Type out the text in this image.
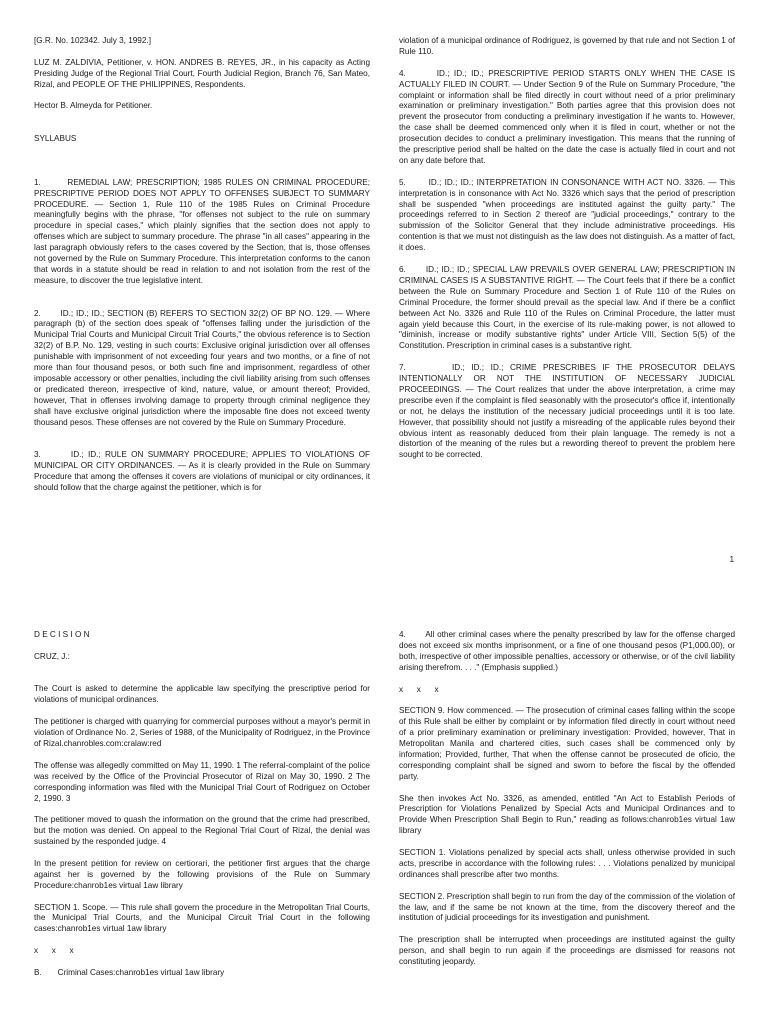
[G.R. No. 102342. July 3, 1992.]

LUZ M. ZALDIVIA, Petitioner, v. HON. ANDRES B. REYES, JR., in his capacity as Acting Presiding Judge of the Regional Trial Court, Fourth Judicial Region, Branch 76, San Mateo, Rizal, and PEOPLE OF THE PHILIPPINES, Respondents.

Hector B. Almeyda for Petitioner.

SYLLABUS

1.       REMEDIAL LAW; PRESCRIPTION; 1985 RULES ON CRIMINAL PROCEDURE; PRESCRIPTIVE PERIOD DOES NOT APPLY TO OFFENSES SUBJECT TO SUMMARY PROCEDURE. — Section 1, Rule 110 of the 1985 Rules on Criminal Procedure meaningfully begins with the phrase, "for offenses not subject to the rule on summary procedure in special cases," which plainly signifies that the section does not apply to offenses which are subject to summary procedure. The phrase "in all cases" appearing in the last paragraph obviously refers to the cases covered by the Section, that is, those offenses not governed by the Rule on Summary Procedure. This interpretation conforms to the canon that words in a statute should be read in relation to and not isolation from the rest of the measure, to discover the true legislative intent.

2.       ID.; ID.; ID.; SECTION (B) REFERS TO SECTION 32(2) OF BP NO. 129. — Where paragraph (b) of the section does speak of "offenses falling under the jurisdiction of the Municipal Trial Courts and Municipal Circuit Trial Courts," the obvious reference is to Section 32(2) of B.P. No. 129, vesting in such courts: Exclusive original jurisdiction over all offenses punishable with imprisonment of not exceeding four years and two months, or a fine of not more than four thousand pesos, or both such fine and imprisonment, regardless of other imposable accessory or other penalties, including the civil liability arising from such offenses or predicated thereon, irrespective of kind, nature, value, or amount thereof; Provided, however, That in offenses involving damage to property through criminal negligence they shall have exclusive original jurisdiction where the imposable fine does not exceed twenty thousand pesos. These offenses are not covered by the Rule on Summary Procedure.

3.       ID.; ID.; RULE ON SUMMARY PROCEDURE; APPLIES TO VIOLATIONS OF MUNICIPAL OR CITY ORDINANCES. — As it is clearly provided in the Rule on Summary Procedure that among the offenses it covers are violations of municipal or city ordinances, it should follow that the charge against the petitioner, which is for

violation of a municipal ordinance of Rodriguez, is governed by that rule and not Section 1 of Rule 110.

4.       ID.; ID.; ID.; PRESCRIPTIVE PERIOD STARTS ONLY WHEN THE CASE IS ACTUALLY FILED IN COURT. — Under Section 9 of the Rule on Summary Procedure, "the complaint or information shall be filed directly in court without need of a prior preliminary examination or preliminary investigation." Both parties agree that this provision does not prevent the prosecutor from conducting a preliminary investigation if he wants to. However, the case shall be deemed commenced only when it is filed in court, whether or not the prosecution decides to conduct a preliminary investigation. This means that the running of the prescriptive period shall be halted on the date the case is actually filed in court and not on any date before that.

5.       ID.; ID.; ID.; INTERPRETATION IN CONSONANCE WITH ACT NO. 3326. — This interpretation is in consonance with Act No. 3326 which says that the period of prescription shall be suspended "when proceedings are instituted against the guilty party." The proceedings referred to in Section 2 thereof are "judicial proceedings," contrary to the submission of the Solicitor General that they include administrative proceedings. His contention is that we must not distinguish as the law does not distinguish. As a matter of fact, it does.

6.       ID.; ID.; ID.; SPECIAL LAW PREVAILS OVER GENERAL LAW; PRESCRIPTION IN CRIMINAL CASES IS A SUBSTANTIVE RIGHT. — The Court feels that if there be a conflict between the Rule on Summary Procedure and Section 1 of Rule 110 of the Rules on Criminal Procedure, the former should prevail as the special law. And if there be a conflict between Act No. 3326 and Rule 110 of the Rules on Criminal Procedure, the latter must again yield because this Court, in the exercise of its rule-making power, is not allowed to "diminish, increase or modify substantive rights" under Article VIII, Section 5(5) of the Constitution. Prescription in criminal cases is a substantive right.

7.       ID.; ID.; ID.; CRIME PRESCRIBES IF THE PROSECUTOR DELAYS INTENTIONALLY OR NOT THE INSTITUTION OF NECESSARY JUDICIAL PROCEEDINGS. — The Court realizes that under the above interpretation, a crime may prescribe even if the complaint is filed seasonably with the prosecutor's office if, intentionally or not, he delays the institution of the necessary judicial proceedings until it is too late. However, that possibility should not justify a misreading of the applicable rules beyond their obvious intent as reasonably deduced from their plain language. The remedy is not a distortion of the meaning of the rules but a rewording thereof to prevent the problem here sought to be corrected.

1

D E C I S I O N

CRUZ, J.:

The Court is asked to determine the applicable law specifying the prescriptive period for violations of municipal ordinances.

The petitioner is charged with quarrying for commercial purposes without a mayor's permit in violation of Ordinance No. 2, Series of 1988, of the Municipality of Rodriguez, in the Province of Rizal.chanrobles.com:cralaw:red

The offense was allegedly committed on May 11, 1990. 1 The referral-complaint of the police was received by the Office of the Provincial Prosecutor of Rizal on May 30, 1990. 2 The corresponding information was filed with the Municipal Trial Court of Rodriguez on October 2, 1990. 3

The petitioner moved to quash the information on the ground that the crime had prescribed, but the motion was denied. On appeal to the Regional Trial Court of Rizal, the denial was sustained by the responded judge. 4

In the present petition for review on certiorari, the petitioner first argues that the charge against her is governed by the following provisions of the Rule on Summary Procedure:chanrob1es virtual 1aw library

SECTION 1. Scope. — This rule shall govern the procedure in the Metropolitan Trial Courts, the Municipal Trial Courts, and the Municipal Circuit Trial Court in the following cases:chanrob1es virtual 1aw library

x      x      x

B.       Criminal Cases:chanrob1es virtual 1aw library

4.       All other criminal cases where the penalty prescribed by law for the offense charged does not exceed six months imprisonment, or a fine of one thousand pesos (P1,000.00), or both, irrespective of other impossible penalties, accessory or otherwise, or of the civil liability arising therefrom. . . ." (Emphasis supplied.)

x      x      x

SECTION 9. How commenced. — The prosecution of criminal cases falling within the scope of this Rule shall be either by complaint or by information filed directly in court without need of a prior preliminary examination or preliminary investigation: Provided, however, That in Metropolitan Manila and chartered cities, such cases shall be commenced only by information; Provided, further, That when the offense cannot be prosecuted de oficio, the corresponding complaint shall be signed and sworn to before the fiscal by the offended party.

She then invokes Act No. 3326, as amended, entitled "An Act to Establish Periods of Prescription for Violations Penalized by Special Acts and Municipal Ordinances and to Provide When Prescription Shall Begin to Run," reading as follows:chanrob1es virtual 1aw library

SECTION 1. Violations penalized by special acts shall, unless otherwise provided in such acts, prescribe in accordance with the following rules: . . . Violations penalized by municipal ordinances shall prescribe after two months.

SECTION 2. Prescription shall begin to run from the day of the commission of the violation of the law, and if the same be not known at the time, from the discovery thereof and the institution of judicial proceedings for its investigation and punishment.

The prescription shall be interrupted when proceedings are instituted against the guilty person, and shall begin to run again if the proceedings are dismissed for reasons not constituting jeopardy.
